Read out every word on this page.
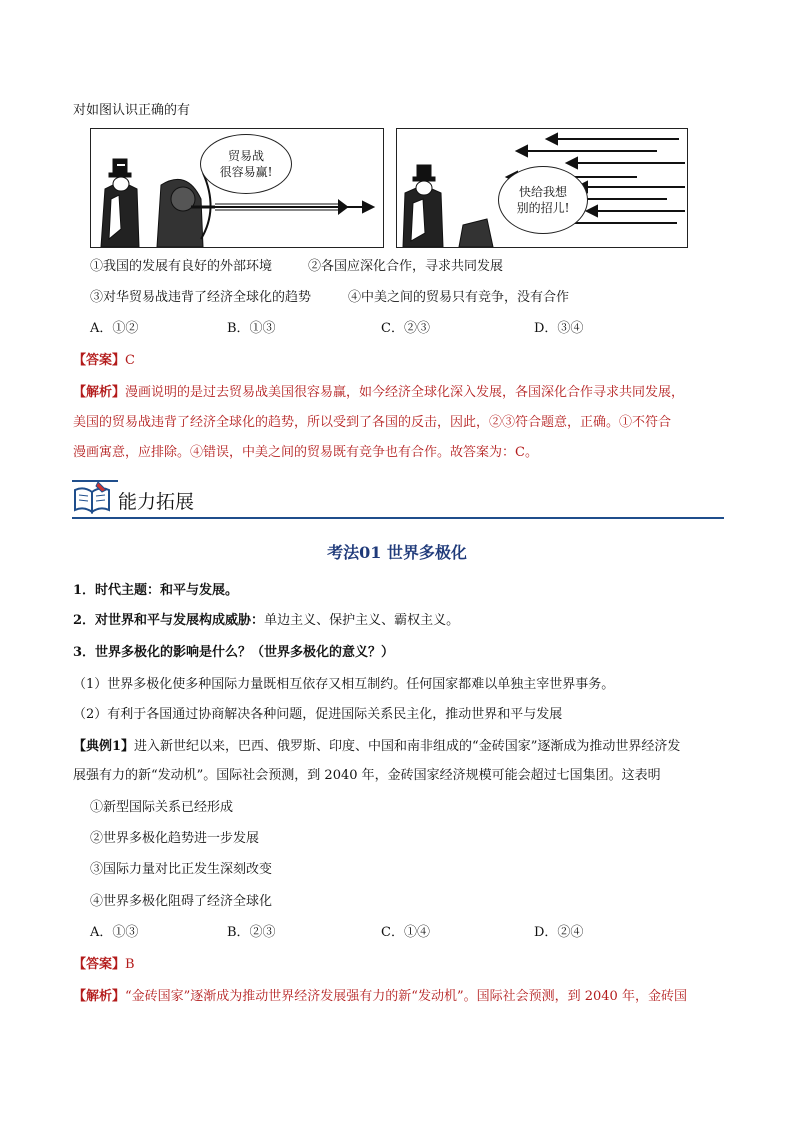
对如图认识正确的有
贸易战
很容易赢!
快给我想
别的招儿!
①我国的发展有良好的外部环境	②各国应深化合作，寻求共同发展
③对华贸易战违背了经济全球化的趋势	④中美之间的贸易只有竞争，没有合作
A．①②	B．①③	C．②③	D．③④
【答案】C
【解析】漫画说明的是过去贸易战美国很容易赢，如今经济全球化深入发展，各国深化合作寻求共同发展，
美国的贸易战违背了经济全球化的趋势，所以受到了各国的反击，因此，②③符合题意，正确。①不符合
漫画寓意，应排除。④错误，中美之间的贸易既有竞争也有合作。故答案为：C。
能力拓展
考法01 世界多极化
1．时代主题：和平与发展。
2．对世界和平与发展构成威胁：单边主义、保护主义、霸权主义。
3．世界多极化的影响是什么？（世界多极化的意义？）
（1）世界多极化使多种国际力量既相互依存又相互制约。任何国家都难以单独主宰世界事务。
（2）有利于各国通过协商解决各种问题，促进国际关系民主化，推动世界和平与发展
【典例1】进入新世纪以来，巴西、俄罗斯、印度、中国和南非组成的“金砖国家”逐渐成为推动世界经济发
展强有力的新“发动机”。国际社会预测，到 2040 年，金砖国家经济规模可能会超过七国集团。这表明
①新型国际关系已经形成
②世界多极化趋势进一步发展
③国际力量对比正发生深刻改变
④世界多极化阻碍了经济全球化
A．①③	B．②③	C．①④	D．②④
【答案】B
【解析】“金砖国家”逐渐成为推动世界经济发展强有力的新“发动机”。国际社会预测，到 2040 年，金砖国
